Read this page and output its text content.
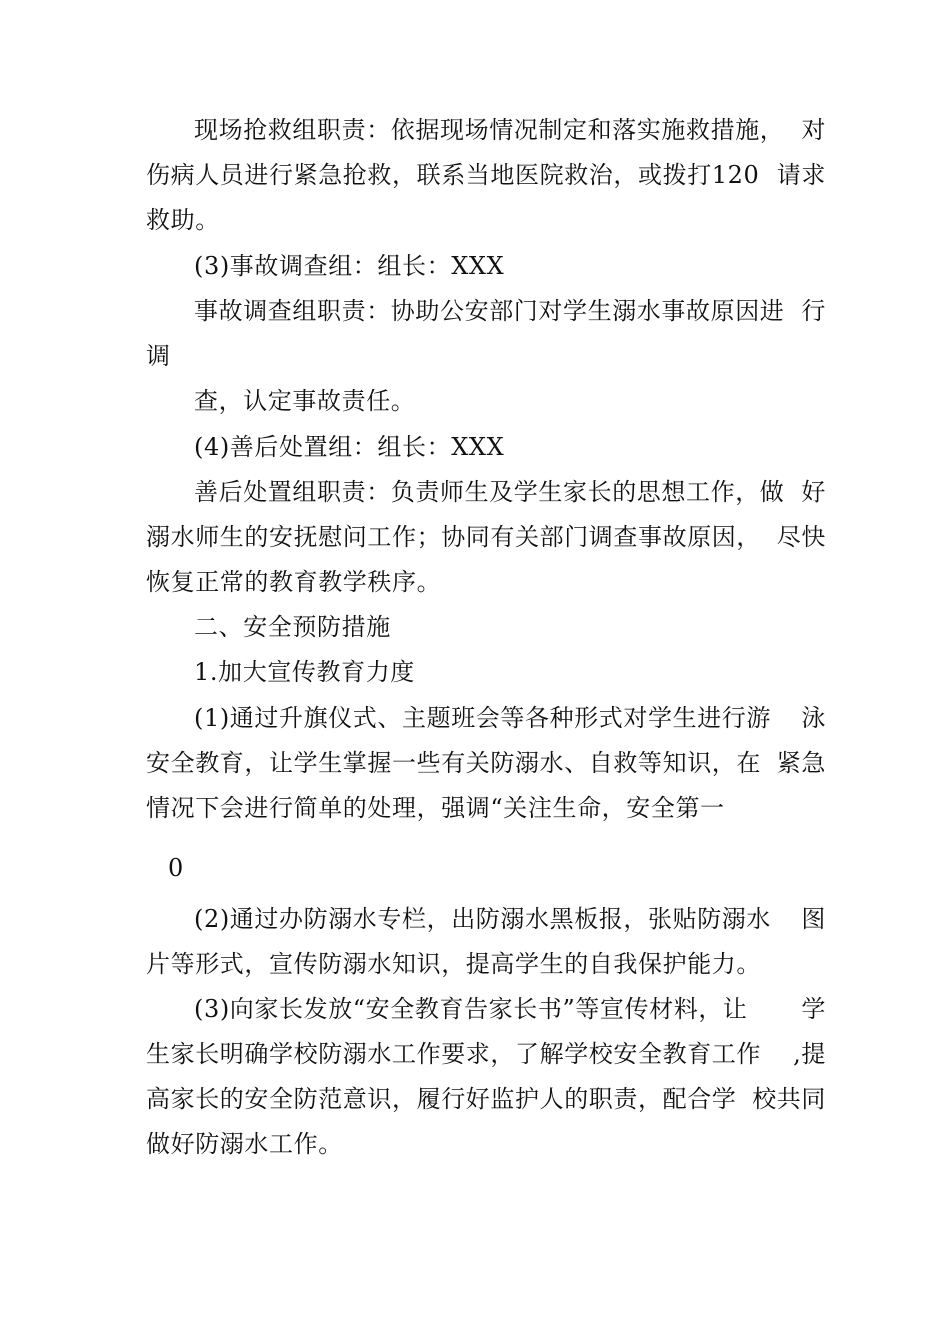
现场抢救组职责：依据现场情况制定和落实施救措施， 对
伤病人员进行紧急抢救，联系当地医院救治，或拨打120 请求
救助。
(3)事故调查组：组长：XXX
事故调查组职责：协助公安部门对学生溺水事故原因进 行
调
查，认定事故责任。
(4)善后处置组：组长：XXX
善后处置组职责：负责师生及学生家长的思想工作，做 好
溺水师生的安抚慰问工作；协同有关部门调查事故原因， 尽快
恢复正常的教育教学秩序。
二、安全预防措施
1.加大宣传教育力度
(1)通过升旗仪式、主题班会等各种形式对学生进行游 泳
安全教育，让学生掌握一些有关防溺水、自救等知识，在 紧急
情况下会进行简单的处理，强调“关注生命，安全第一
0
(2)通过办防溺水专栏，出防溺水黑板报，张贴防溺水 图
片等形式，宣传防溺水知识，提高学生的自我保护能力。
(3)向家长发放“安全教育告家长书”等宣传材料，让 学
生家长明确学校防溺水工作要求，了解学校安全教育工作 ,提
高家长的安全防范意识，履行好监护人的职责，配合学 校共同
做好防溺水工作。
